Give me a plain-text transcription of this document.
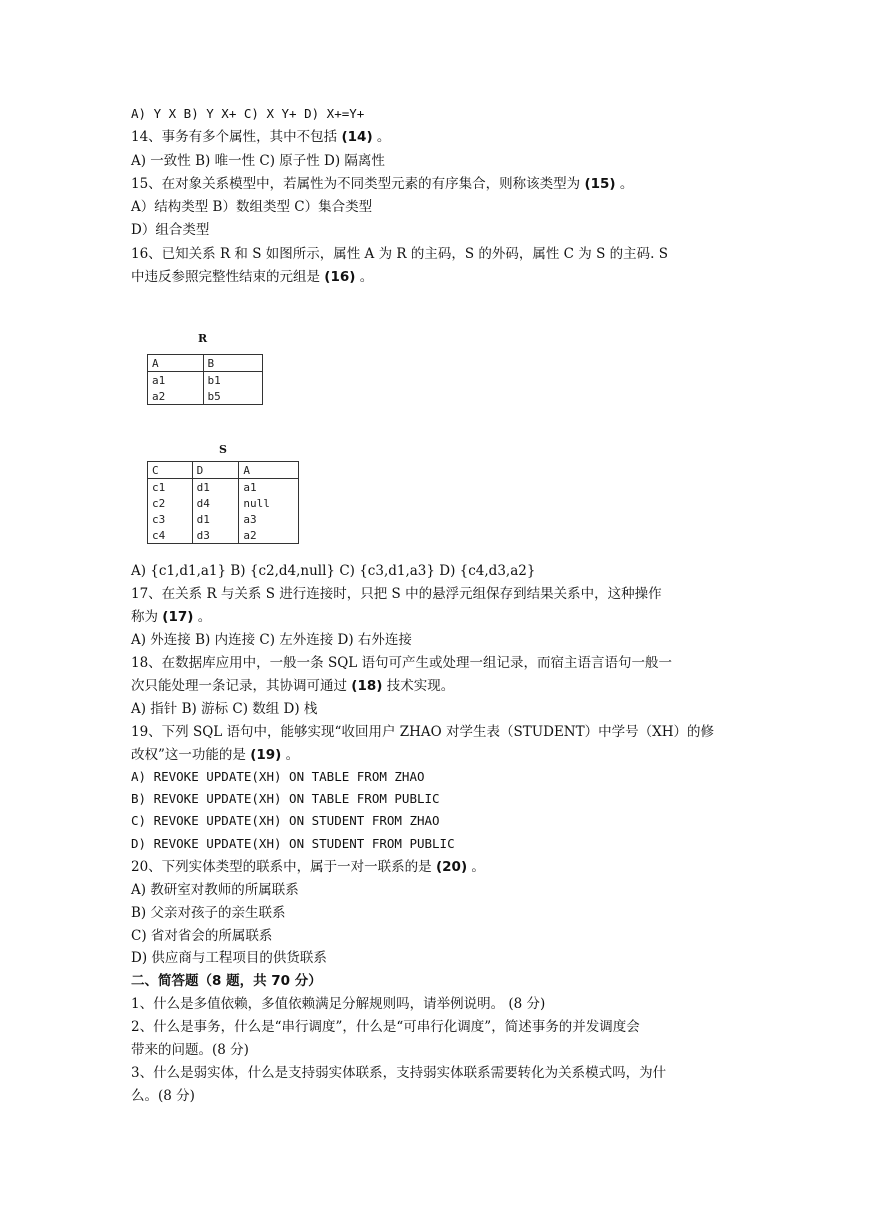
A) Y X B) Y X+ C) X Y+ D) X+=Y+
14、事务有多个属性，其中不包括 (14) 。
A) 一致性 B) 唯一性 C) 原子性 D) 隔离性
15、在对象关系模型中，若属性为不同类型元素的有序集合，则称该类型为 (15) 。
A）结构类型 B）数组类型 C）集合类型
D）组合类型
16、已知关系 R 和 S 如图所示，属性 A 为 R 的主码，S 的外码，属性 C 为 S 的主码. S
中违反参照完整性结束的元组是 (16) 。
R
A	B
a1	b1
a2	b5
S
C	D	A
c1	d1	a1
c2	d4	null
c3	d1	a3
c4	d3	a2
A) {c1,d1,a1} B) {c2,d4,null} C) {c3,d1,a3} D) {c4,d3,a2}
17、在关系 R 与关系 S 进行连接时，只把 S 中的悬浮元组保存到结果关系中，这种操作
称为 (17) 。
A) 外连接 B) 内连接 C) 左外连接 D) 右外连接
18、在数据库应用中，一般一条 SQL 语句可产生或处理一组记录，而宿主语言语句一般一
次只能处理一条记录，其协调可通过 (18) 技术实现。
A) 指针 B) 游标 C) 数组 D) 栈
19、下列 SQL 语句中，能够实现“收回用户 ZHAO 对学生表（STUDENT）中学号（XH）的修
改权”这一功能的是 (19) 。
A) REVOKE UPDATE(XH) ON TABLE FROM ZHAO
B) REVOKE UPDATE(XH) ON TABLE FROM PUBLIC
C) REVOKE UPDATE(XH) ON STUDENT FROM ZHAO
D) REVOKE UPDATE(XH) ON STUDENT FROM PUBLIC
20、下列实体类型的联系中，属于一对一联系的是 (20) 。
A) 教研室对教师的所属联系
B) 父亲对孩子的亲生联系
C) 省对省会的所属联系
D) 供应商与工程项目的供货联系
二、简答题（8 题，共 70 分）
1、什么是多值依赖，多值依赖满足分解规则吗，请举例说明。 (8 分)
2、什么是事务，什么是“串行调度”，什么是“可串行化调度”，简述事务的并发调度会
带来的问题。(8 分)
3、什么是弱实体，什么是支持弱实体联系，支持弱实体联系需要转化为关系模式吗，为什
么。(8 分)
